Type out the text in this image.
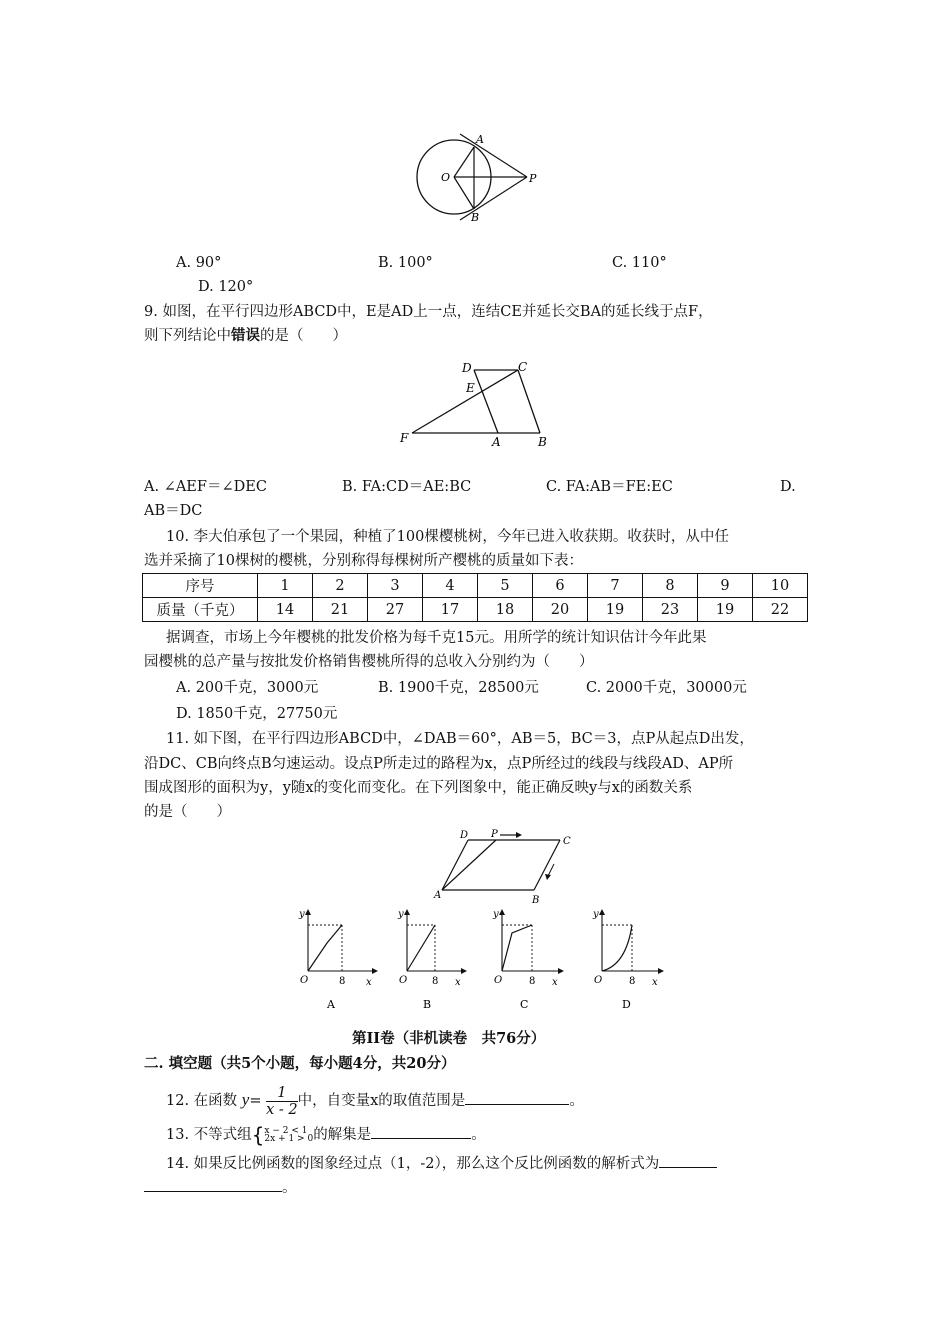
A
O	P
B
A. 90°	B. 100°	C. 110°
D. 120°
9. 如图，在平行四边形ABCD中，E是AD上一点，连结CE并延长交BA的延长线于点F，
则下列结论中错误的是（　　）
D	C
E
F	A	B
A. ∠AEF＝∠DEC	B. FA:CD＝AE:BC	C. FA:AB＝FE:EC	D.
AB＝DC
10. 李大伯承包了一个果园，种植了100棵樱桃树，今年已进入收获期。收获时，从中任
选并采摘了10棵树的樱桃，分别称得每棵树所产樱桃的质量如下表：
序号	1	2	3	4	5	6	7	8	9	10
质量（千克）	14	21	27	17	18	20	19	23	19	22
据调查，市场上今年樱桃的批发价格为每千克15元。用所学的统计知识估计今年此果
园樱桃的总产量与按批发价格销售樱桃所得的总收入分别约为（　　）
A. 200千克，3000元	B. 1900千克，28500元	C. 2000千克，30000元
D. 1850千克，27750元
11. 如下图，在平行四边形ABCD中，∠DAB＝60°，AB＝5，BC＝3，点P从起点D出发，
沿DC、CB向终点B匀速运动。设点P所走过的路程为x，点P所经过的线段与线段AD、AP所
围成图形的面积为y，y随x的变化而变化。在下列图象中，能正确反映y与x的函数关系
的是（　　）
D P
C
A	B
y
x
O	8
A
y
x
O 8
B
y
x
O	8
C
y
x
O	8
D
第II卷（非机读卷　共76分）
二. 填空题（共5个小题，每小题4分，共20分）
12. 在函数 $y= \frac{1}{x - 2}$ 中，自变量x的取值范围是	。
13. 不等式组{ x − 2 < 1
2x + 1 > 0 的解集是	。
14. 如果反比例函数的图象经过点（1，-2），那么这个反比例函数的解析式为
。
